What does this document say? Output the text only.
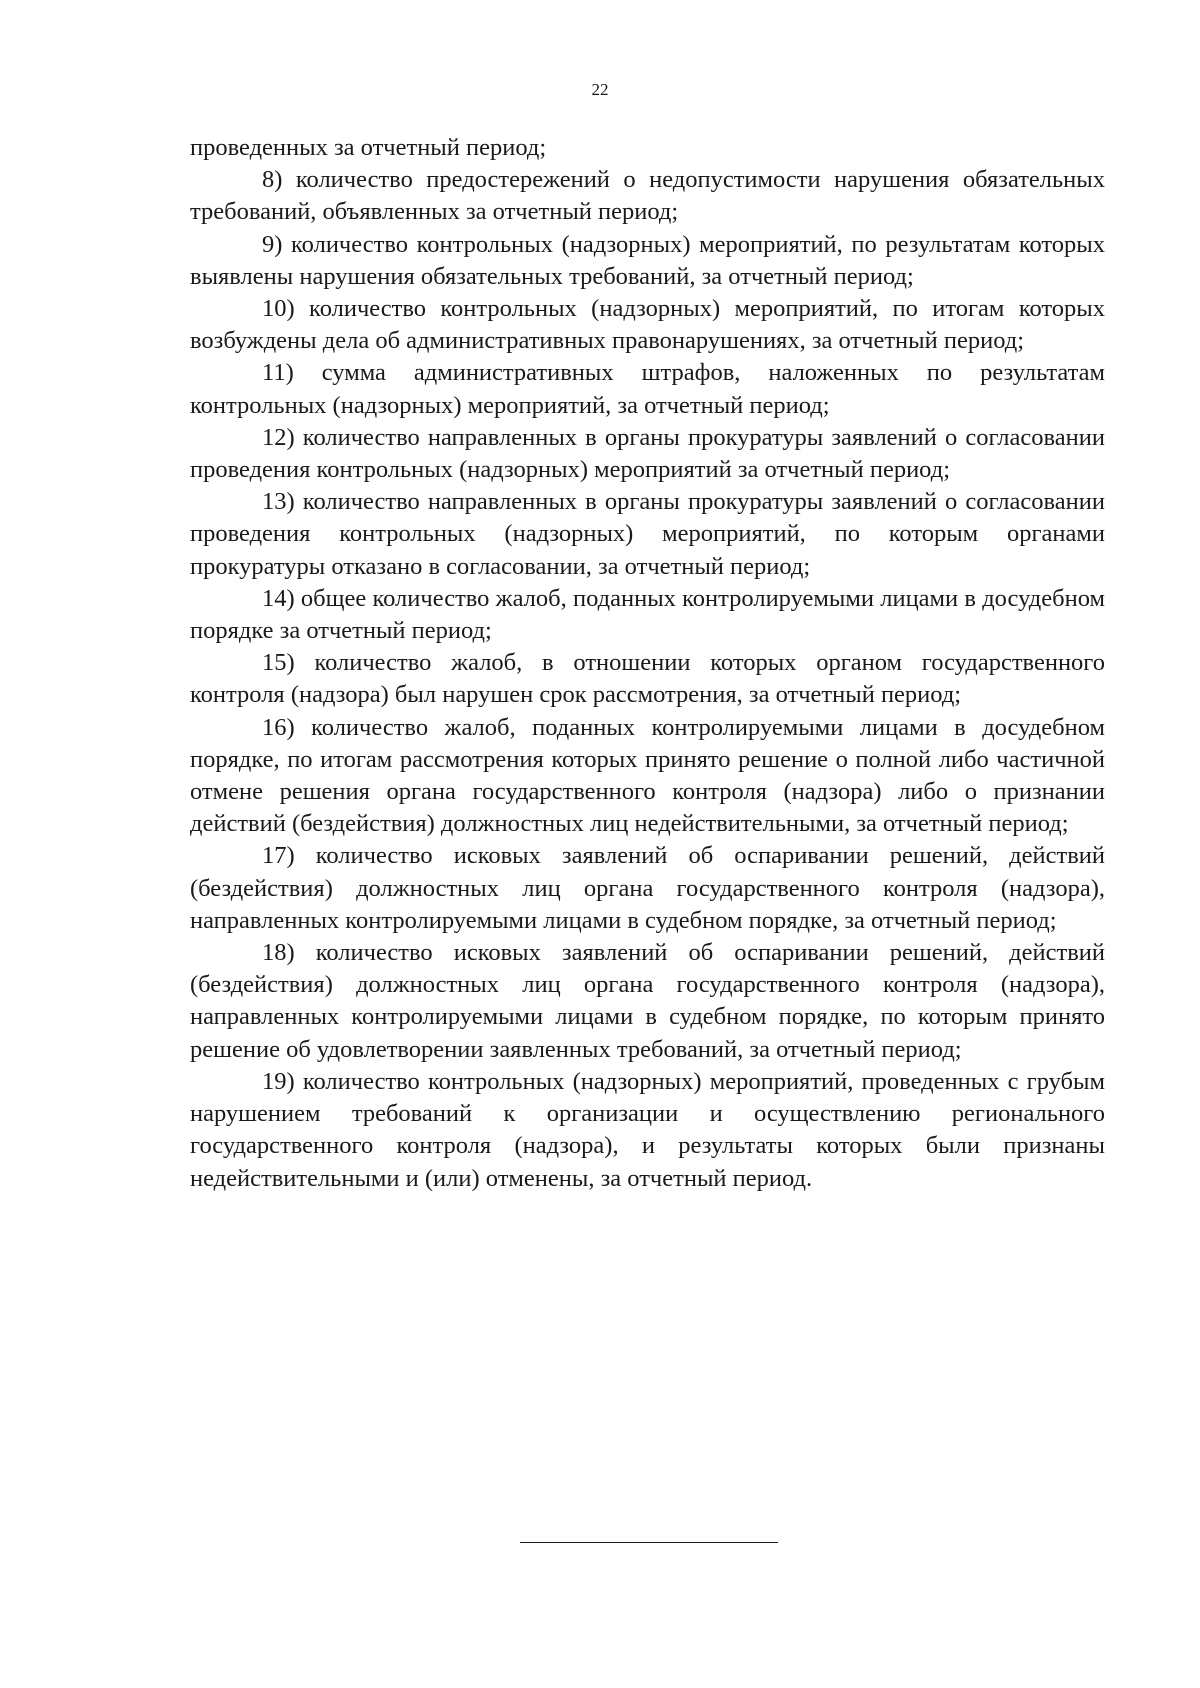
22

проведенных за отчетный период;

8) количество предостережений о недопустимости нарушения обязательных требований, объявленных за отчетный период;

9) количество контрольных (надзорных) мероприятий, по результатам которых выявлены нарушения обязательных требований, за отчетный период;

10) количество контрольных (надзорных) мероприятий, по итогам которых возбуждены дела об административных правонарушениях, за отчетный период;

11) сумма административных штрафов, наложенных по результатам контрольных (надзорных) мероприятий, за отчетный период;

12) количество направленных в органы прокуратуры заявлений о согласовании проведения контрольных (надзорных) мероприятий за отчетный период;

13) количество направленных в органы прокуратуры заявлений о согласовании проведения контрольных (надзорных) мероприятий, по которым органами прокуратуры отказано в согласовании, за отчетный период;

14) общее количество жалоб, поданных контролируемыми лицами в досудебном порядке за отчетный период;

15) количество жалоб, в отношении которых органом государственного контроля (надзора) был нарушен срок рассмотрения, за отчетный период;

16) количество жалоб, поданных контролируемыми лицами в досудебном порядке, по итогам рассмотрения которых принято решение о полной либо частичной отмене решения органа государственного контроля (надзора) либо о признании действий (бездействия) должностных лиц недействительными, за отчетный период;

17) количество исковых заявлений об оспаривании решений, действий (бездействия) должностных лиц органа государственного контроля (надзора), направленных контролируемыми лицами в судебном порядке, за отчетный период;

18) количество исковых заявлений об оспаривании решений, действий (бездействия) должностных лиц органа государственного контроля (надзора), направленных контролируемыми лицами в судебном порядке, по которым принято решение об удовлетворении заявленных требований, за отчетный период;

19) количество контрольных (надзорных) мероприятий, проведенных с грубым нарушением требований к организации и осуществлению регионального государственного контроля (надзора), и результаты которых были признаны недействительными и (или) отменены, за отчетный период.
